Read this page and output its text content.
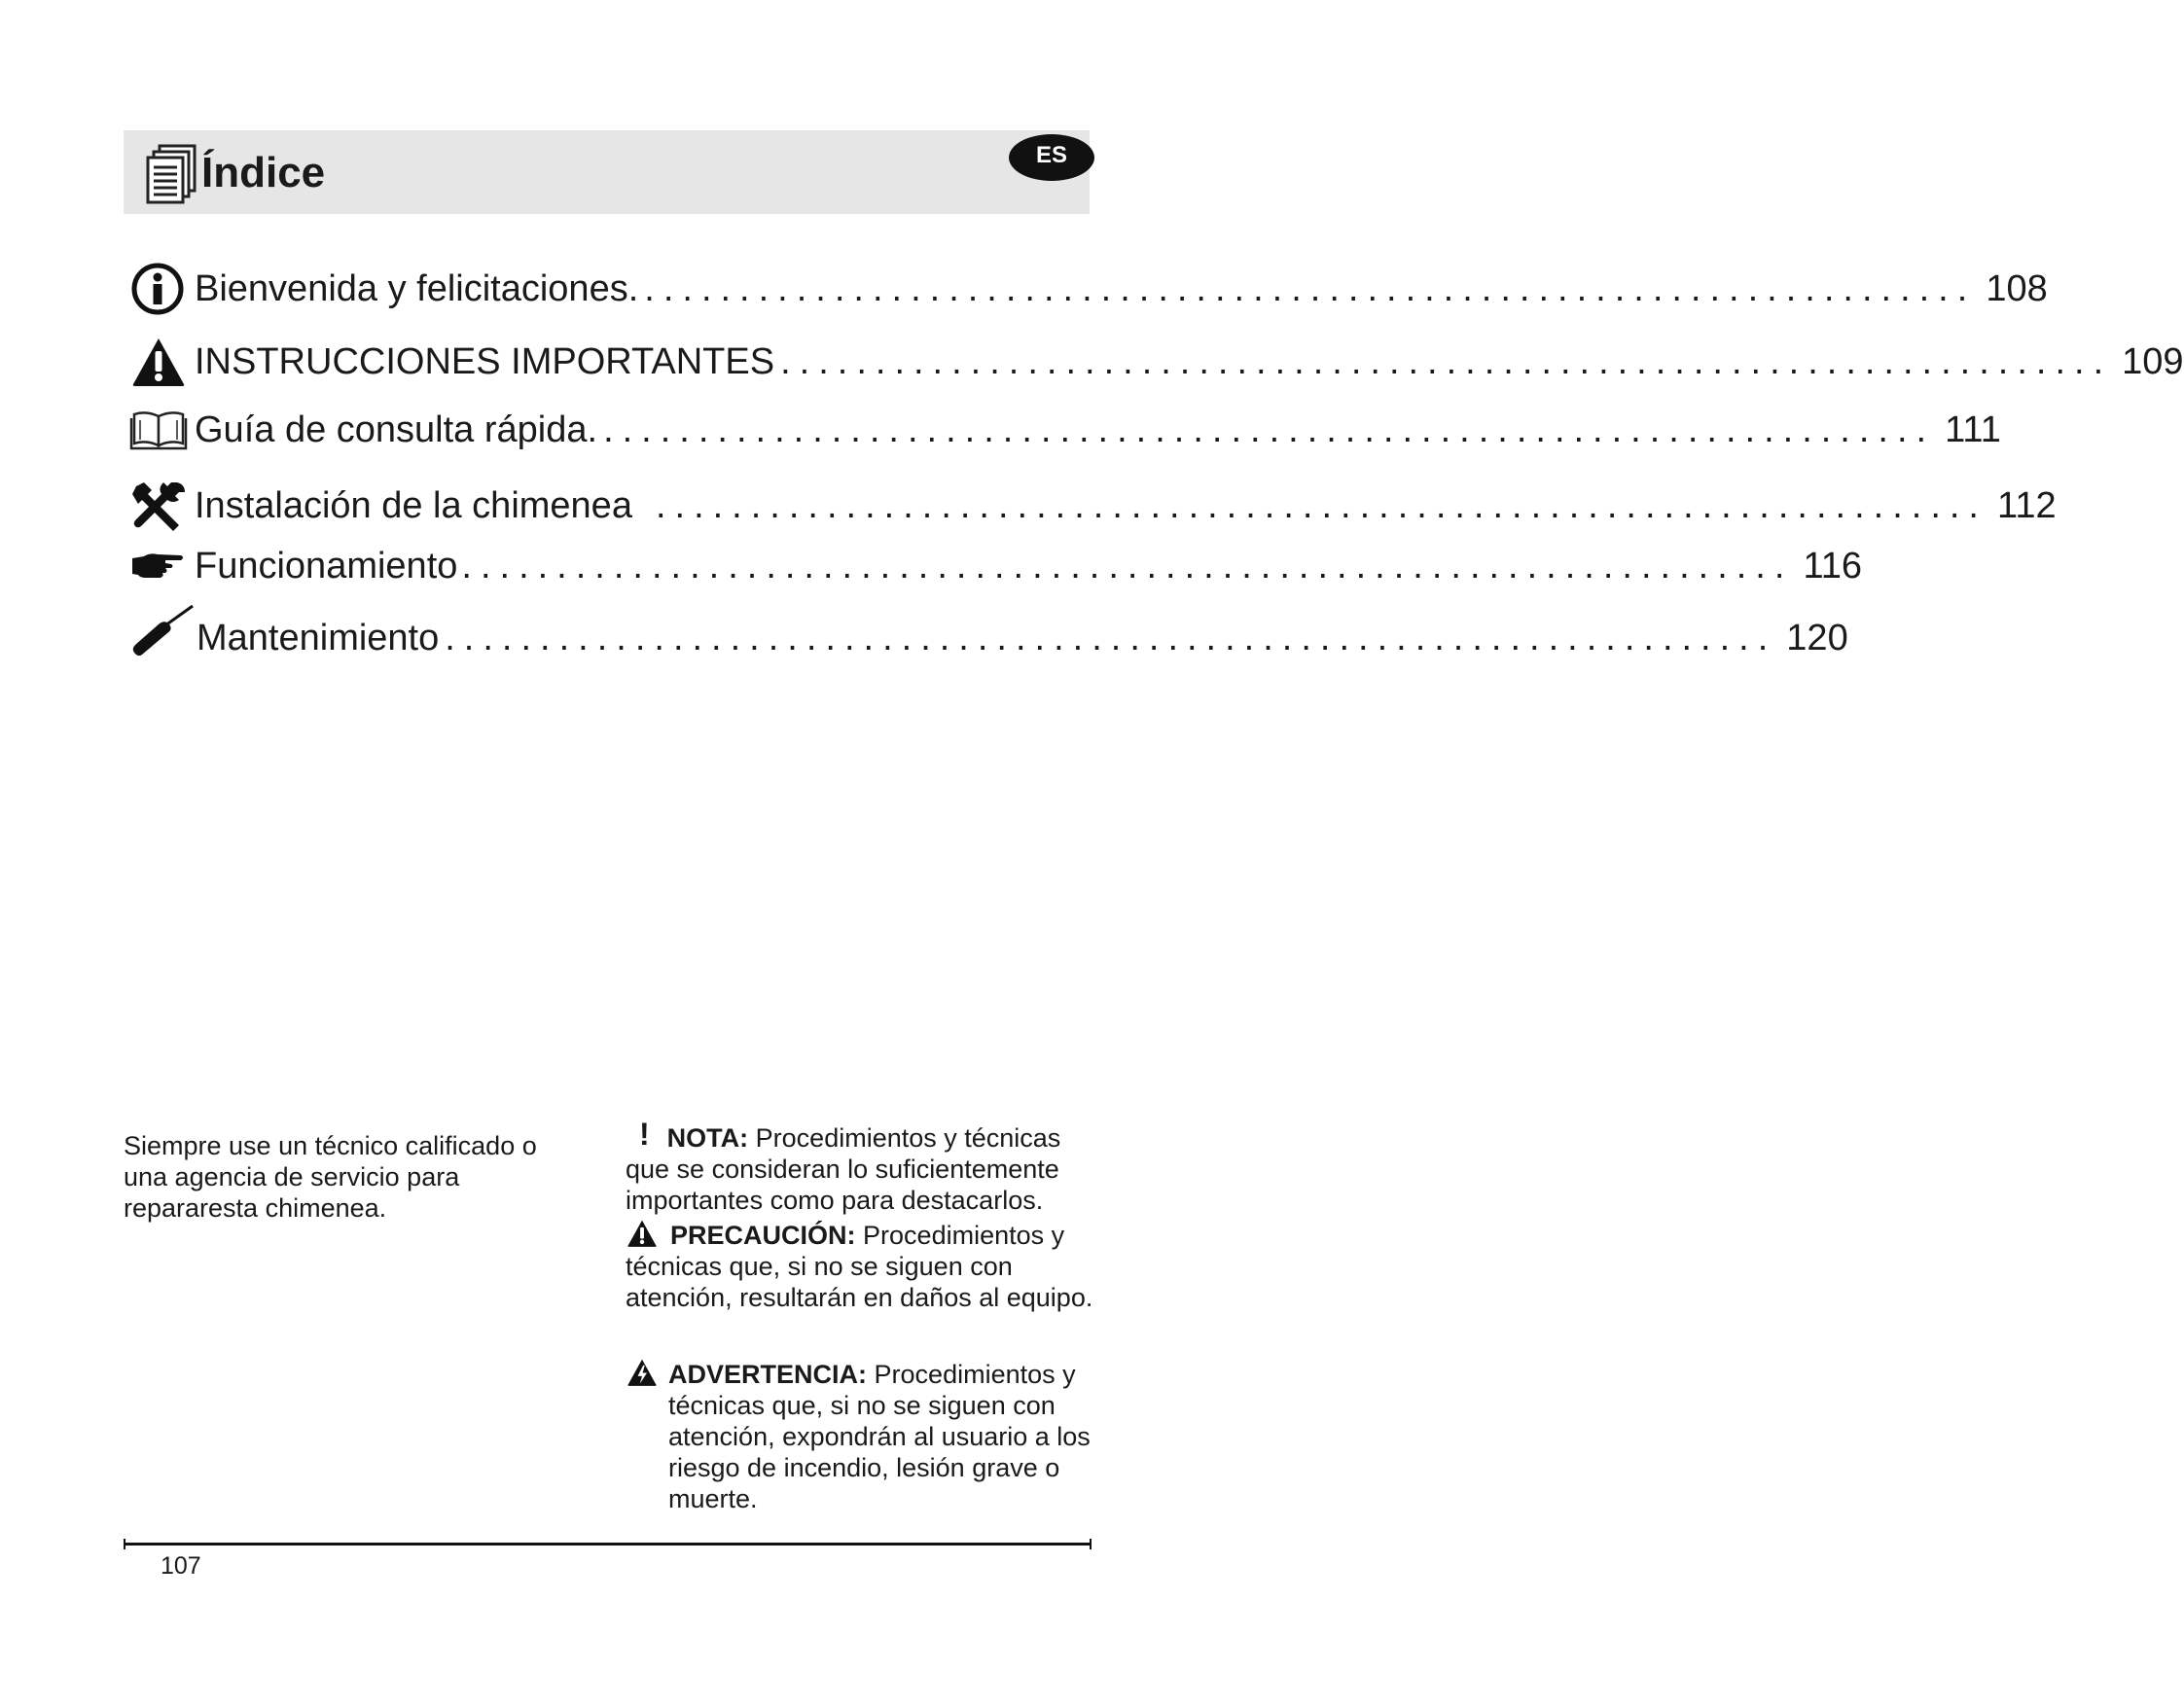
Índice	ES
Bienvenida y felicitaciones. ...................................................................... 108
INSTRUCCIONES IMPORTANTES ...................................................................... 109
Guía de consulta rápida. ...................................................................... 111
Instalación de la chimenea ...................................................................... 112
Funcionamiento ...................................................................... 116
Mantenimiento ...................................................................... 120
Siempre use un técnico calificado o una agencia de servicio para repararesta chimenea.
! NOTA: Procedimientos y técnicas que se consideran lo suficientemente importantes como para destacarlos.
PRECAUCIÓN: Procedimientos y técnicas que, si no se siguen con atención, resultarán en daños al equipo.
ADVERTENCIA: Procedimientos y técnicas que, si no se siguen con atención, expondrán al usuario a los riesgo de incendio, lesión grave o muerte.
107
